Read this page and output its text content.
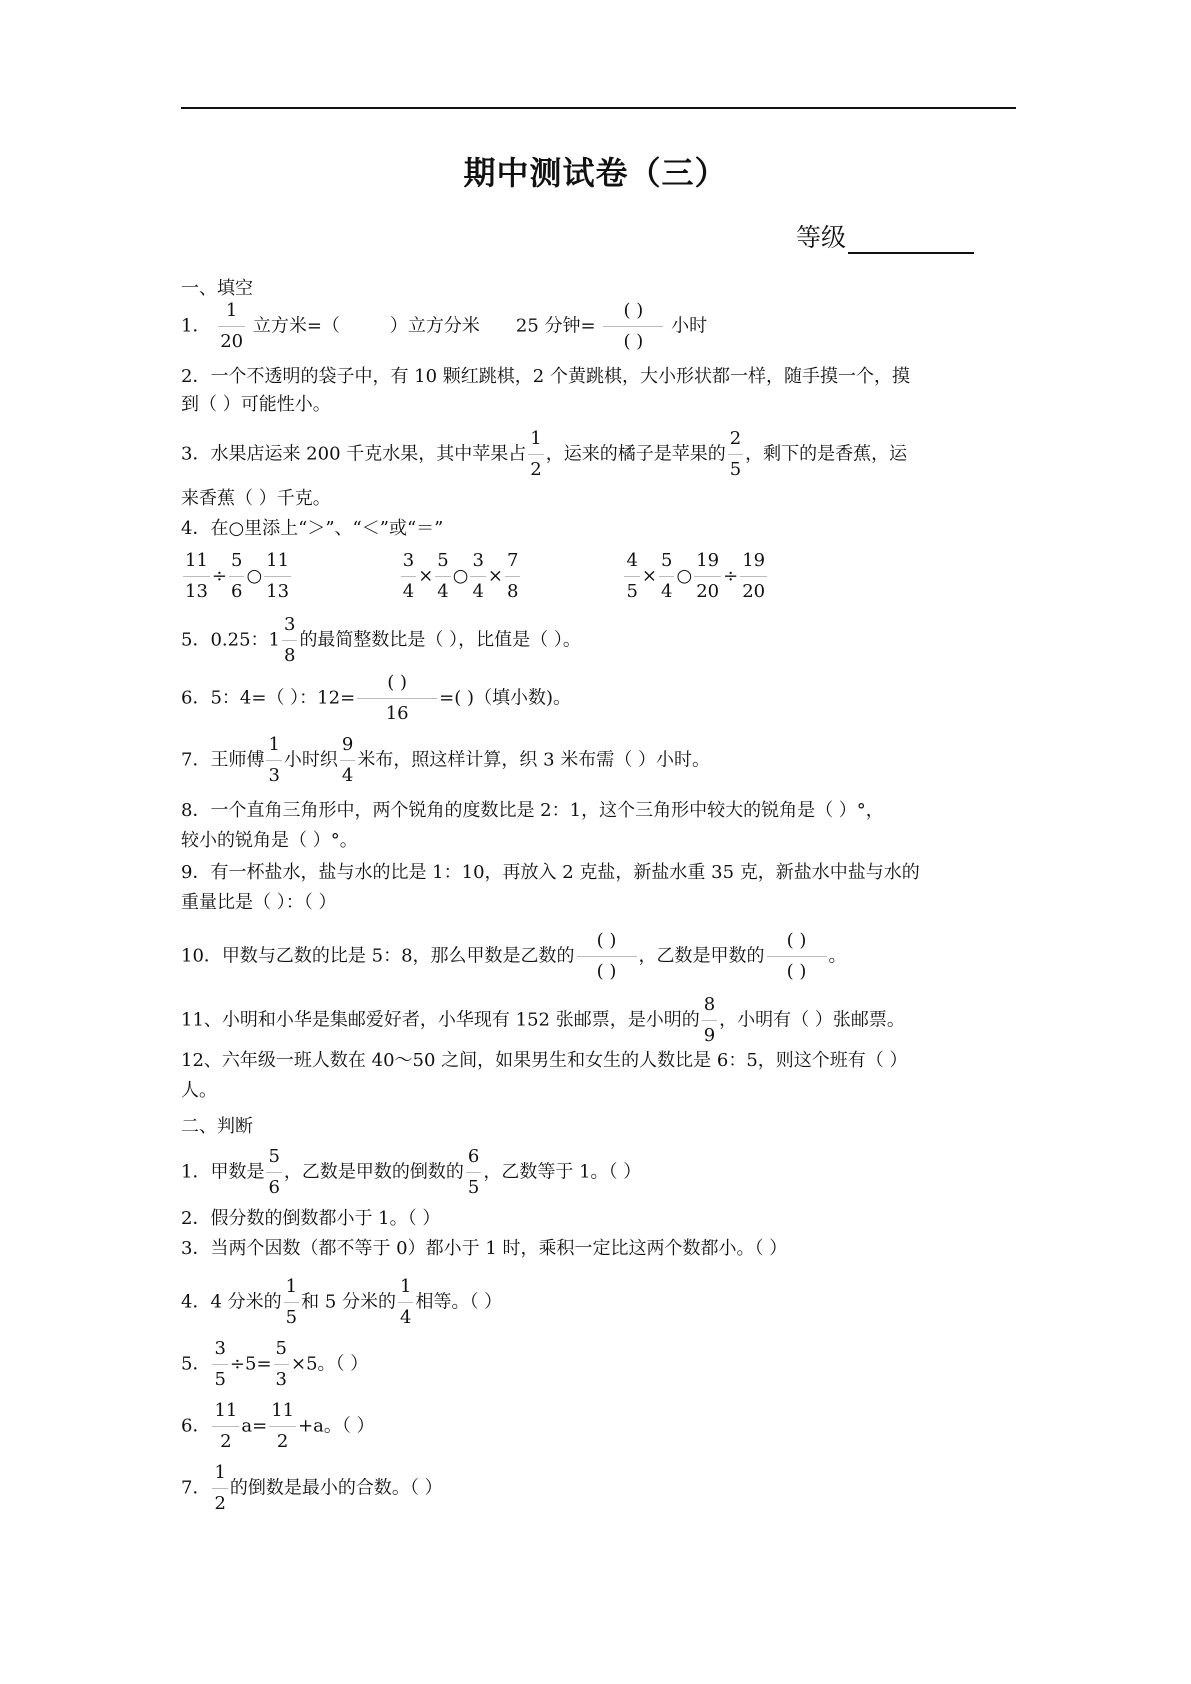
期中测试卷（三）
等级
一、填空
1． $\frac{1}{20}$ 立方米=（	）立方分米 25 分钟= $\frac{( )}{( )}$ 小时
2．一个不透明的袋子中，有 10 颗红跳棋，2 个黄跳棋，大小形状都一样，随手摸一个，摸
到（ ）可能性小。
3．水果店运来 200 千克水果，其中苹果占 $\frac{1}{2}$ ，运来的橘子是苹果的 $\frac{2}{5}$ ，剩下的是香蕉，运
来香蕉（ ）千克。
4．在○里添上“＞”、“＜”或“＝”
$\frac{11}{13} \div \frac{5}{6}$ ○ $\frac{11}{13}$
	$\frac{3}{4} \times \frac{5}{4}$ ○ $\frac{3}{4} \times \frac{7}{8}$
	$\frac{4}{5} \times \frac{5}{4}$ ○ $\frac{19}{20} \div \frac{19}{20}$
5．0.25：$1 \frac{3}{8}$ 的最简整数比是（ ），比值是（ ）。
6．5：4=（ ）：$12= \frac{( )}{16}$ =( )（填小数)。
7．王师傅 $\frac{1}{3}$ 小时织 $\frac{9}{4}$ 米布，照这样计算，织 3 米布需（ ）小时。
8．一个直角三角形中，两个锐角的度数比是 2：1，这个三角形中较大的锐角是（ ）°，
较小的锐角是（ ）°。
9．有一杯盐水，盐与水的比是 1：10，再放入 2 克盐，新盐水重 35 克，新盐水中盐与水的
重量比是（ ）：（ ）
10．甲数与乙数的比是 5：8，那么甲数是乙数的 $\frac{( )}{( )}$ ，乙数是甲数的 $\frac{( )}{( )}$ 。
11、小明和小华是集邮爱好者，小华现有 152 张邮票，是小明的 $\frac{8}{9}$ ，小明有（ ）张邮票。
12、六年级一班人数在 40～50 之间，如果男生和女生的人数比是 6：5，则这个班有（ ）
人。
二、判断
1．甲数是 $\frac{5}{6}$ ，乙数是甲数的倒数的 $\frac{6}{5}$ ，乙数等于 1。（ ）
2．假分数的倒数都小于 1。（ ）
3．当两个因数（都不等于 0）都小于 1 时，乘积一定比这两个数都小。（ ）
4．4 分米的 $\frac{1}{5}$ 和 5 分米的 $\frac{1}{4}$ 相等。（ ）
5． $\frac{3}{5} \div 5= \frac{5}{3} \times 5$。（ ）
6． $\frac{11}{2} a= \frac{11}{2} +a$。（ ）
7． $\frac{1}{2}$ 的倒数是最小的合数。（ ）
